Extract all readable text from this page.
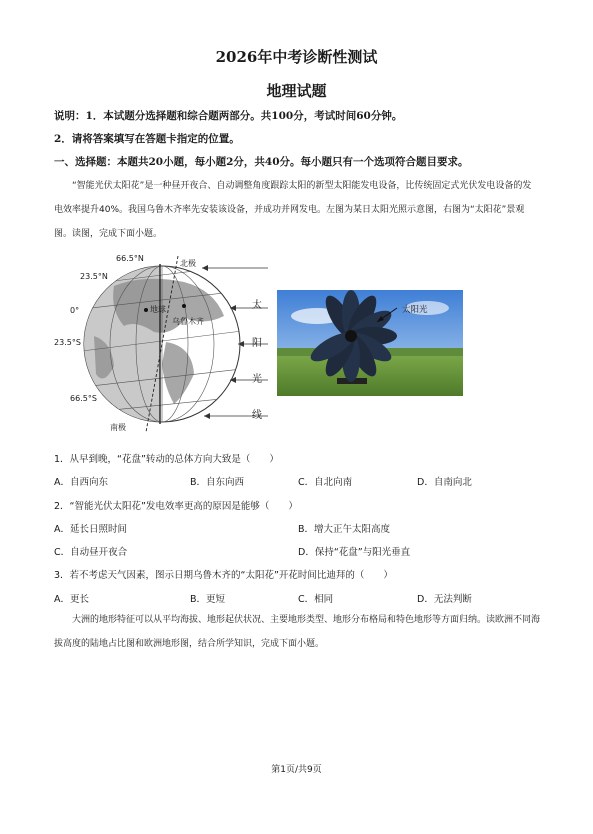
2026年中考诊断性测试
地理试题
说明：1．本试题分选择题和综合题两部分。共100分，考试时间60分钟。
2．请将答案填写在答题卡指定的位置。
一、选择题：本题共20小题，每小题2分，共40分。每小题只有一个选项符合题目要求。
“智能光伏太阳花”是一种昼开夜合、自动调整角度跟踪太阳的新型太阳能发电设备，比传统固定式光伏发电设备的发电效率提升40%。我国乌鲁木齐率先安装该设备，并成功并网发电。左图为某日太阳光照示意图，右图为“太阳花”景观图。读图，完成下面小题。
66.5°N
23.5°N
0°
23.5°S
66.5°S
北极
南极
地球
乌鲁木齐
太
阳
光
线
太阳光
1．从早到晚，“花盘”转动的总体方向大致是（　　）
A．自西向东	B．自东向西	C．自北向南	D．自南向北
2．“智能光伏太阳花”发电效率更高的原因是能够（　　）
A．延长日照时间	B．增大正午太阳高度
C．自动昼开夜合	D．保持“花盘”与阳光垂直
3．若不考虑天气因素，图示日期乌鲁木齐的“太阳花”开花时间比迪拜的（　　）
A．更长	B．更短	C．相同	D．无法判断
大洲的地形特征可以从平均海拔、地形起伏状况、主要地形类型、地形分布格局和特色地形等方面归纳。读欧洲不同海拔高度的陆地占比图和欧洲地形图，结合所学知识，完成下面小题。
第1页/共9页
